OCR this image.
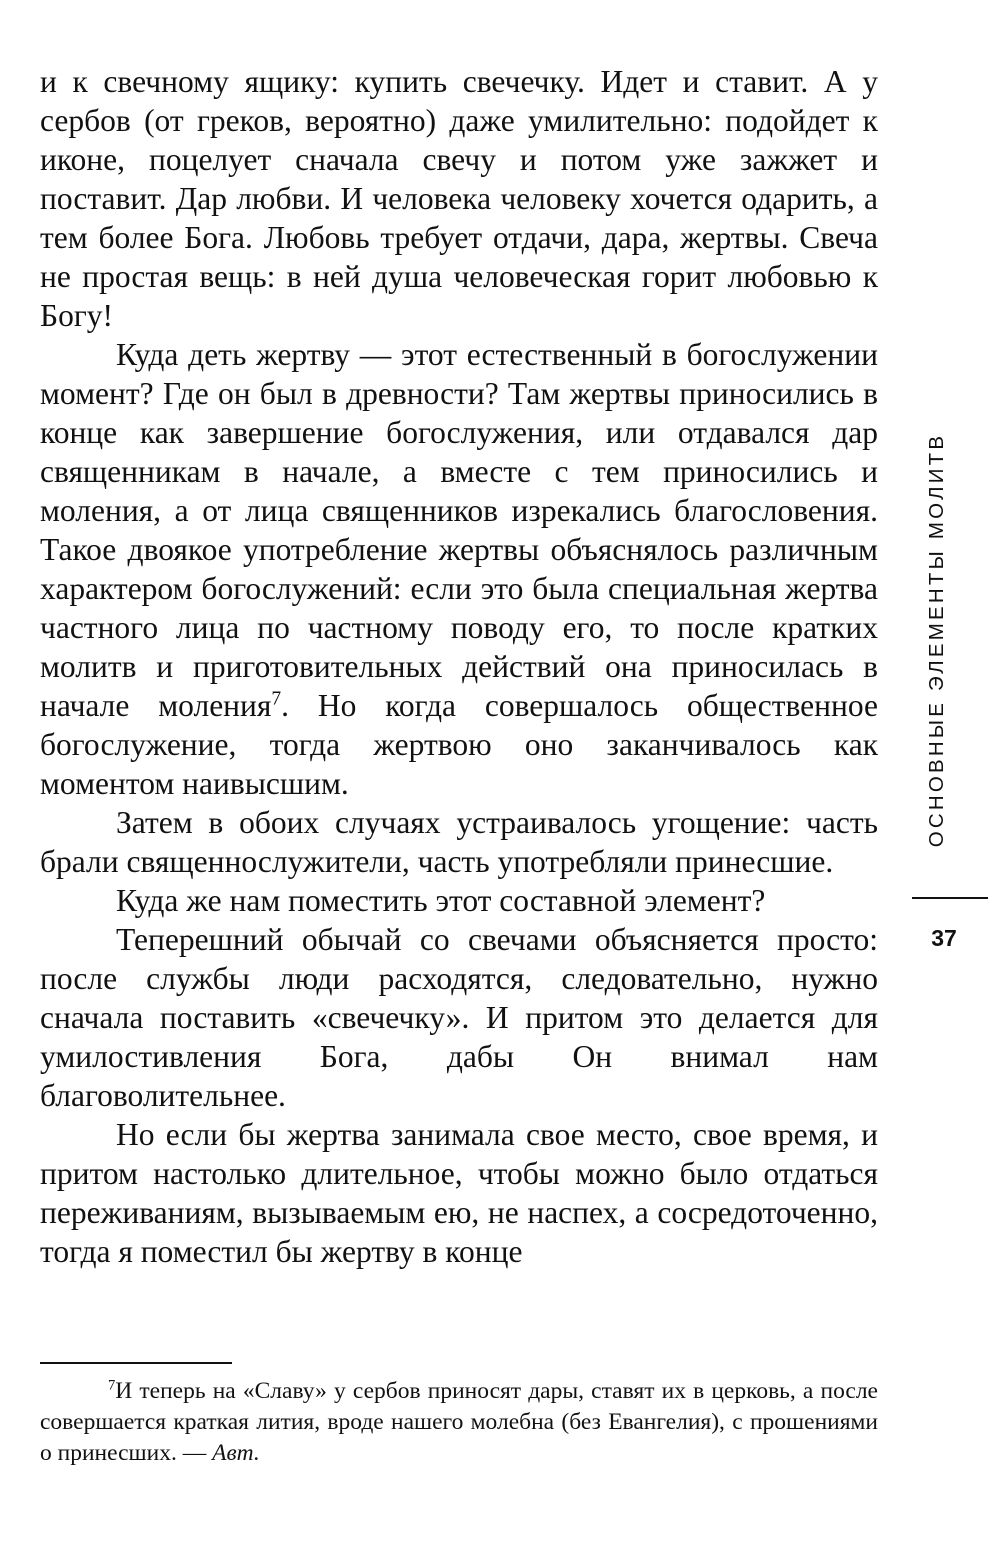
и к свечному ящику: купить свечечку. Идет и ставит. А у сербов (от греков, вероятно) даже умилительно: подойдет к иконе, поцелует сначала свечу и потом уже зажжет и поставит. Дар любви. И человека человеку хочется одарить, а тем более Бога. Любовь требует отдачи, дара, жертвы. Свеча не простая вещь: в ней душа человеческая горит любовью к Богу!

Куда деть жертву — этот естественный в богослужении момент? Где он был в древности? Там жертвы приносились в конце как завершение богослужения, или отдавался дар священникам в начале, а вместе с тем приносились и моления, а от лица священников изрекались благословения. Такое двоякое употребление жертвы объяснялось различным характером богослужений: если это была специальная жертва частного лица по частному поводу его, то после кратких молитв и приготовительных действий она приносилась в начале моления$^7$. Но когда совершалось общественное богослужение, тогда жертвою оно заканчивалось как моментом наивысшим.

Затем в обоих случаях устраивалось угощение: часть брали священнослужители, часть употребляли принесшие.

Куда же нам поместить этот составной элемент?

Теперешний обычай со свечами объясняется просто: после службы люди расходятся, следовательно, нужно сначала поставить «свечечку». И притом это делается для умилостивления Бога, дабы Он внимал нам благоволительнее.

Но если бы жертва занимала свое место, свое время, и притом настолько длительное, чтобы можно было отдаться переживаниям, вызываемым ею, не наспех, а сосредоточенно, тогда я поместил бы жертву в конце

$^7$И теперь на «Славу» у сербов приносят дары, ставят их в церковь, а после совершается краткая лития, вроде нашего молебна (без Евангелия), с прошениями о принесших. — Авт.
ОСНОВНЫЕ ЭЛЕМЕНТЫ МОЛИТВ
37
